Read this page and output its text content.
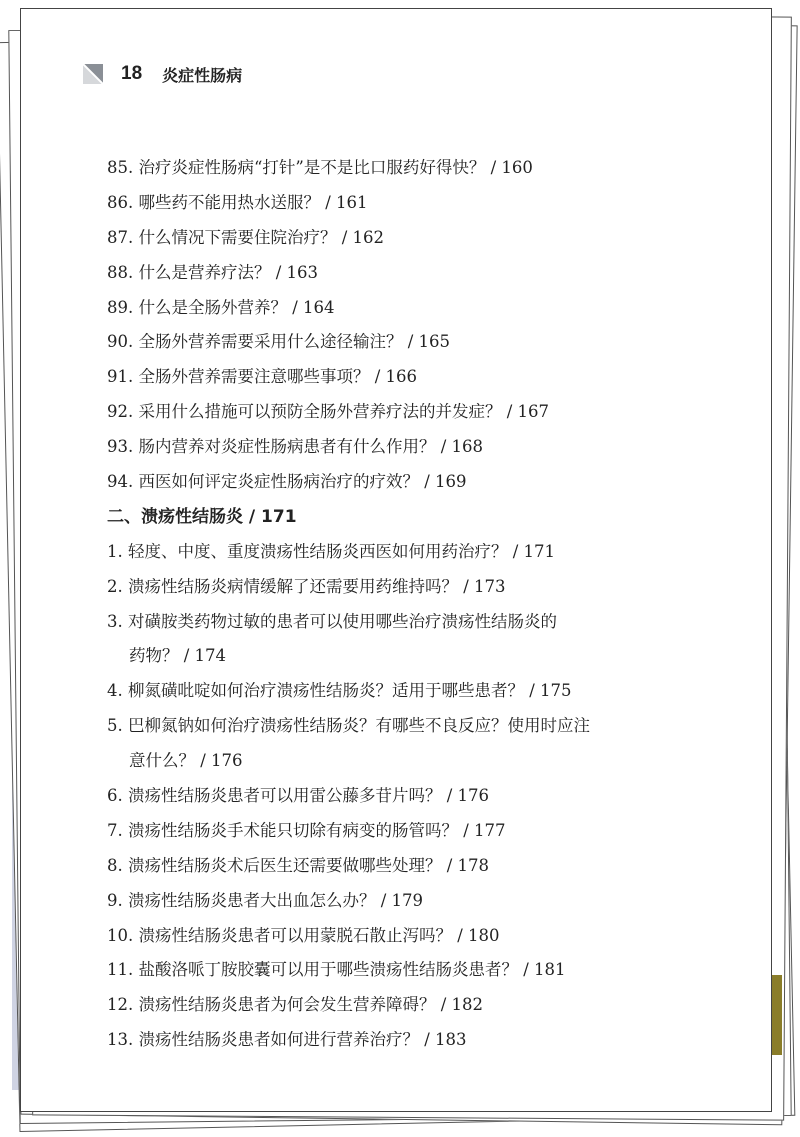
18 炎症性肠病
85. 治疗炎症性肠病“打针”是不是比口服药好得快？ / 160
86. 哪些药不能用热水送服？ / 161
87. 什么情况下需要住院治疗？ / 162
88. 什么是营养疗法？ / 163
89. 什么是全肠外营养？ / 164
90. 全肠外营养需要采用什么途径输注？ / 165
91. 全肠外营养需要注意哪些事项？ / 166
92. 采用什么措施可以预防全肠外营养疗法的并发症？ / 167
93. 肠内营养对炎症性肠病患者有什么作用？ / 168
94. 西医如何评定炎症性肠病治疗的疗效？ / 169
二、溃疡性结肠炎 / 171
1. 轻度、中度、重度溃疡性结肠炎西医如何用药治疗？ / 171
2. 溃疡性结肠炎病情缓解了还需要用药维持吗？ / 173
3. 对磺胺类药物过敏的患者可以使用哪些治疗溃疡性结肠炎的
药物？ / 174
4. 柳氮磺吡啶如何治疗溃疡性结肠炎？适用于哪些患者？ / 175
5. 巴柳氮钠如何治疗溃疡性结肠炎？有哪些不良反应？使用时应注
意什么？ / 176
6. 溃疡性结肠炎患者可以用雷公藤多苷片吗？ / 176
7. 溃疡性结肠炎手术能只切除有病变的肠管吗？ / 177
8. 溃疡性结肠炎术后医生还需要做哪些处理？ / 178
9. 溃疡性结肠炎患者大出血怎么办？ / 179
10. 溃疡性结肠炎患者可以用蒙脱石散止泻吗？ / 180
11. 盐酸洛哌丁胺胶囊可以用于哪些溃疡性结肠炎患者？ / 181
12. 溃疡性结肠炎患者为何会发生营养障碍？ / 182
13. 溃疡性结肠炎患者如何进行营养治疗？ / 183
